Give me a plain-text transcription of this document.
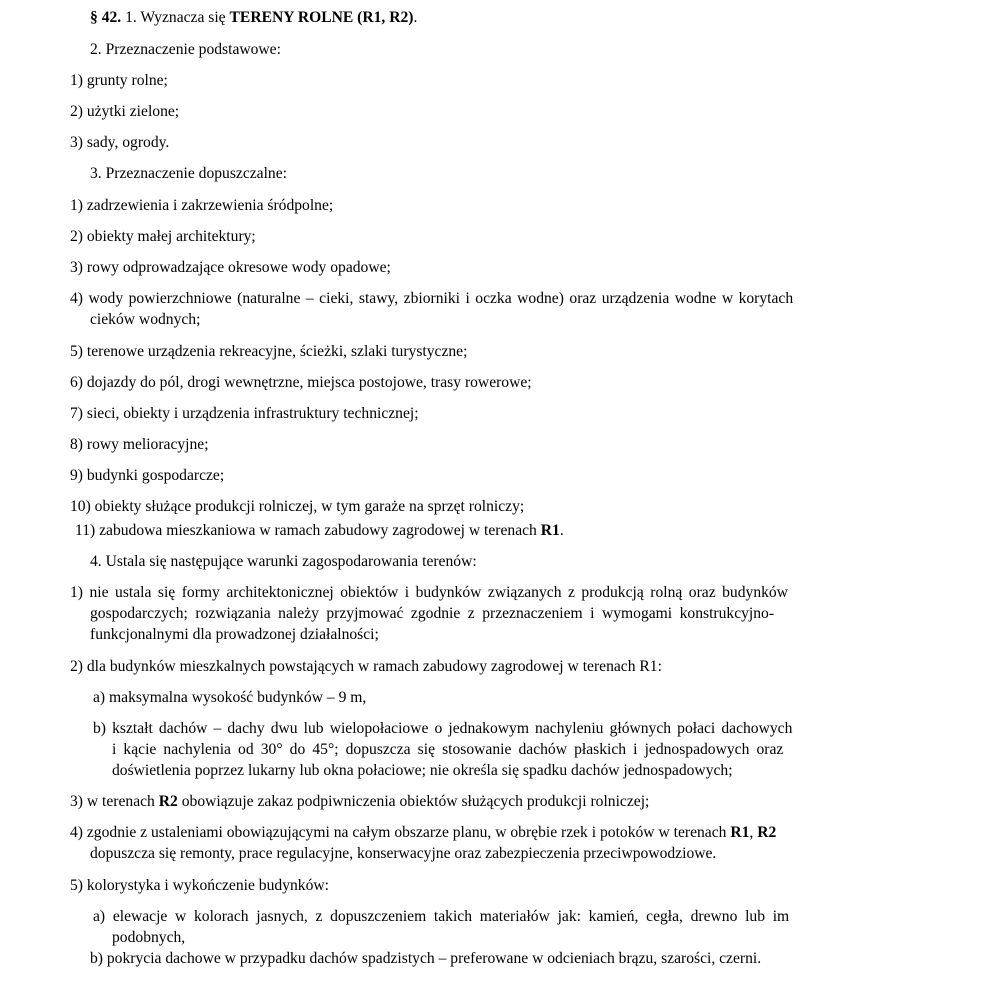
§ 42. 1. Wyznacza się TERENY ROLNE (R1, R2).
2. Przeznaczenie podstawowe:
1) grunty rolne;
2) użytki zielone;
3) sady, ogrody.
3. Przeznaczenie dopuszczalne:
1) zadrzewienia i zakrzewienia śródpolne;
2) obiekty małej architektury;
3) rowy odprowadzające okresowe wody opadowe;
4) wody powierzchniowe (naturalne – cieki, stawy, zbiorniki i oczka wodne) oraz urządzenia wodne w korytach
cieków wodnych;
5) terenowe urządzenia rekreacyjne, ścieżki, szlaki turystyczne;
6) dojazdy do pól, drogi wewnętrzne, miejsca postojowe, trasy rowerowe;
7) sieci, obiekty i urządzenia infrastruktury technicznej;
8) rowy melioracyjne;
9) budynki gospodarcze;
10) obiekty służące produkcji rolniczej, w tym garaże na sprzęt rolniczy;
11) zabudowa mieszkaniowa w ramach zabudowy zagrodowej w terenach R1.
4. Ustala się następujące warunki zagospodarowania terenów:
1) nie ustala się formy architektonicznej obiektów i budynków związanych z produkcją rolną oraz budynków
gospodarczych; rozwiązania należy przyjmować zgodnie z przeznaczeniem i wymogami konstrukcyjno-
funkcjonalnymi dla prowadzonej działalności;
2) dla budynków mieszkalnych powstających w ramach zabudowy zagrodowej w terenach R1:
a) maksymalna wysokość budynków – 9 m,
b) kształt dachów – dachy dwu lub wielopołaciowe o jednakowym nachyleniu głównych połaci dachowych
i kącie nachylenia od 30° do 45°; dopuszcza się stosowanie dachów płaskich i jednospadowych oraz
doświetlenia poprzez lukarny lub okna połaciowe; nie określa się spadku dachów jednospadowych;
3) w terenach R2 obowiązuje zakaz podpiwniczenia obiektów służących produkcji rolniczej;
4) zgodnie z ustaleniami obowiązującymi na całym obszarze planu, w obrębie rzek i potoków w terenach R1, R2
dopuszcza się remonty, prace regulacyjne, konserwacyjne oraz zabezpieczenia przeciwpowodziowe.
5) kolorystyka i wykończenie budynków:
a) elewacje w kolorach jasnych, z dopuszczeniem takich materiałów jak: kamień, cegła, drewno lub im
podobnych,
b) pokrycia dachowe w przypadku dachów spadzistych – preferowane w odcieniach brązu, szarości, czerni.
